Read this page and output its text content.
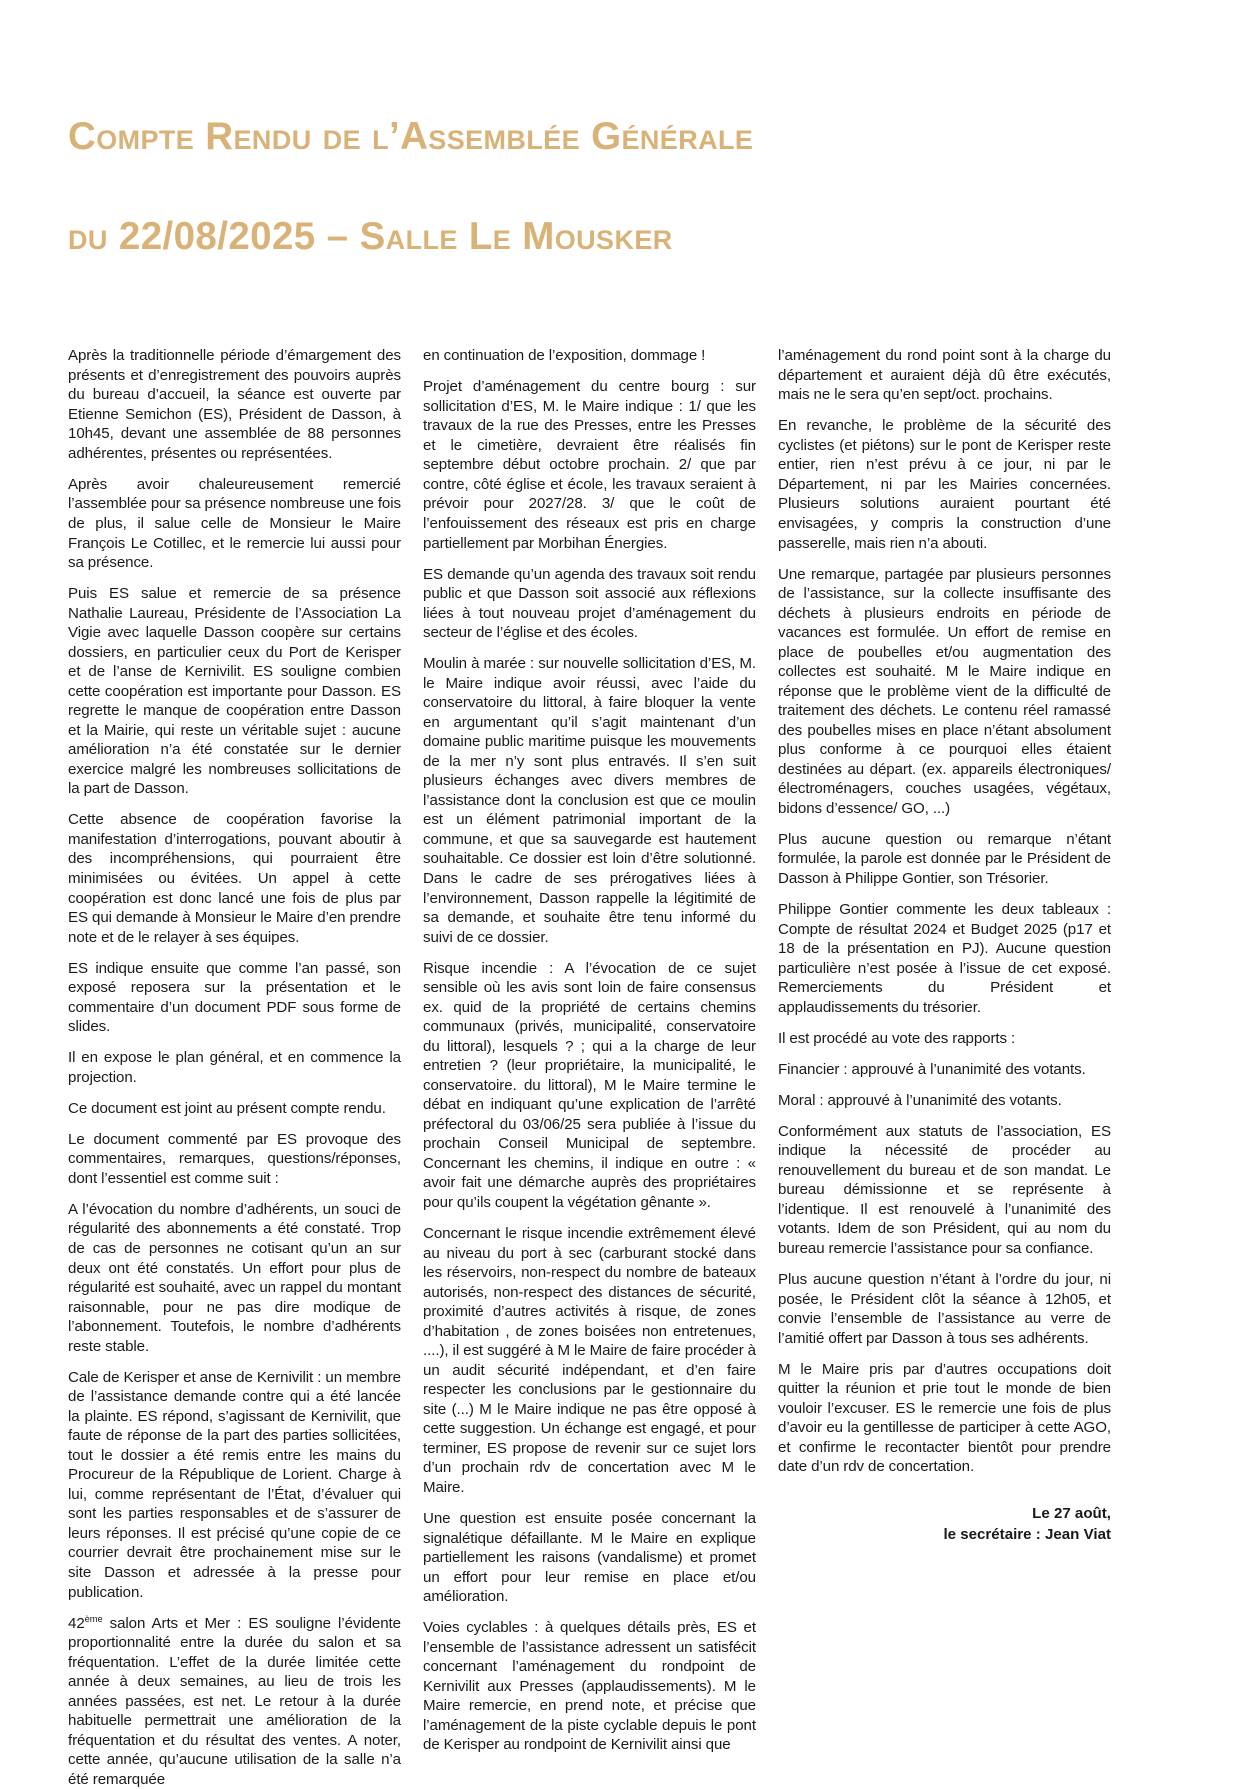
Compte Rendu de l’Assemblée Générale

du 22/08/2025 – Salle Le Mousker

Après la traditionnelle période d’émargement des présents et d’enregistrement des pouvoirs auprès du bureau d’accueil, la séance est ouverte par Etienne Semichon (ES), Président de Dasson, à 10h45, devant une assemblée de 88 personnes adhérentes, présentes ou représentées.

Après avoir chaleureusement remercié l’assemblée pour sa présence nombreuse une fois de plus, il salue celle de Monsieur le Maire François Le Cotillec, et le remercie lui aussi pour sa présence.

Puis ES salue et remercie de sa présence Nathalie Laureau, Présidente de l’Association La Vigie avec laquelle Dasson coopère sur certains dossiers, en particulier ceux du Port de Kerisper et de l’anse de Kernivilit. ES souligne combien cette coopération est importante pour Dasson. ES regrette le manque de coopération entre Dasson et la Mairie, qui reste un véritable sujet : aucune amélioration n’a été constatée sur le dernier exercice malgré les nombreuses sollicitations de la part de Dasson.

Cette absence de coopération favorise la manifestation d’interrogations, pouvant aboutir à des incompréhensions, qui pourraient être minimisées ou évitées. Un appel à cette coopération est donc lancé une fois de plus par ES qui demande à Monsieur le Maire d’en prendre note et de le relayer à ses équipes.

ES indique ensuite que comme l’an passé, son exposé reposera sur la présentation et le commentaire d’un document PDF sous forme de slides.

Il en expose le plan général, et en commence la projection.

Ce document est joint au présent compte rendu.

Le document commenté par ES provoque des commentaires, remarques, questions/réponses, dont l’essentiel est comme suit :

A l’évocation du nombre d’adhérents, un souci de régularité des abonnements a été constaté. Trop de cas de personnes ne cotisant qu’un an sur deux ont été constatés. Un effort pour plus de régularité est souhaité, avec un rappel du montant raisonnable, pour ne pas dire modique de l’abonnement. Toutefois, le nombre d’adhérents reste stable.

Cale de Kerisper et anse de Kernivilit : un membre de l’assistance demande contre qui a été lancée la plainte. ES répond, s’agissant de Kernivilit, que faute de réponse de la part des parties sollicitées, tout le dossier a été remis entre les mains du Procureur de la République de Lorient. Charge à lui, comme représentant de l’État, d’évaluer qui sont les parties responsables et de s’assurer de leurs réponses. Il est précisé qu’une copie de ce courrier devrait être prochainement mise sur le site Dasson et adressée à la presse pour publication.

42ème salon Arts et Mer : ES souligne l’évidente proportionnalité entre la durée du salon et sa fréquentation. L’effet de la durée limitée cette année à deux semaines, au lieu de trois les années passées, est net. Le retour à la durée habituelle permettrait une amélioration de la fréquentation et du résultat des ventes. A noter, cette année, qu’aucune utilisation de la salle n’a été remarquée

en continuation de l’exposition, dommage !

Projet d’aménagement du centre bourg : sur sollicitation d’ES, M. le Maire indique : 1/ que les travaux de la rue des Presses, entre les Presses et le cimetière, devraient être réalisés fin septembre début octobre prochain. 2/ que par contre, côté église et école, les travaux seraient à prévoir pour 2027/28. 3/ que le coût de l’enfouissement des réseaux est pris en charge partiellement par Morbihan Énergies.

ES demande qu’un agenda des travaux soit rendu public et que Dasson soit associé aux réflexions liées à tout nouveau projet d’aménagement du secteur de l’église et des écoles.

Moulin à marée : sur nouvelle sollicitation d’ES, M. le Maire indique avoir réussi, avec l’aide du conservatoire du littoral, à faire bloquer la vente en argumentant qu’il s’agit maintenant d’un domaine public maritime puisque les mouvements de la mer n’y sont plus entravés. Il s’en suit plusieurs échanges avec divers membres de l’assistance dont la conclusion est que ce moulin est un élément patrimonial important de la commune, et que sa sauvegarde est hautement souhaitable. Ce dossier est loin d’être solutionné. Dans le cadre de ses prérogatives liées à l’environnement, Dasson rappelle la légitimité de sa demande, et souhaite être tenu informé du suivi de ce dossier.

Risque incendie : A l’évocation de ce sujet sensible où les avis sont loin de faire consensus ex. quid de la propriété de certains chemins communaux (privés, municipalité, conservatoire du littoral), lesquels ? ; qui a la charge de leur entretien ? (leur propriétaire, la municipalité, le conservatoire. du littoral), M le Maire termine le débat en indiquant qu’une explication de l’arrêté préfectoral du 03/06/25 sera publiée à l’issue du prochain Conseil Municipal de septembre. Concernant les chemins, il indique en outre : « avoir fait une démarche auprès des propriétaires pour qu’ils coupent la végétation gênante ».

Concernant le risque incendie extrêmement élevé au niveau du port à sec (carburant stocké dans les réservoirs, non-respect du nombre de bateaux autorisés, non-respect des distances de sécurité, proximité d’autres activités à risque, de zones d’habitation , de zones boisées non entretenues, ....), il est suggéré à M le Maire de faire procéder à un audit sécurité indépendant, et d’en faire respecter les conclusions par le gestionnaire du site (...) M le Maire indique ne pas être opposé à cette suggestion. Un échange est engagé, et pour terminer, ES propose de revenir sur ce sujet lors d’un prochain rdv de concertation avec M le Maire.

Une question est ensuite posée concernant la signalétique défaillante. M le Maire en explique partiellement les raisons (vandalisme) et promet un effort pour leur remise en place et/ou amélioration.

Voies cyclables : à quelques détails près, ES et l’ensemble de l’assistance adressent un satisfécit concernant l’aménagement du rondpoint de Kernivilit aux Presses (applaudissements). M le Maire remercie, en prend note, et précise que l’aménagement de la piste cyclable depuis le pont de Kerisper au rondpoint de Kernivilit ainsi que

l’aménagement du rond point sont à la charge du département et auraient déjà dû être exécutés, mais ne le sera qu’en sept/oct. prochains.

En revanche, le problème de la sécurité des cyclistes (et piétons) sur le pont de Kerisper reste entier, rien n’est prévu à ce jour, ni par le Département, ni par les Mairies concernées. Plusieurs solutions auraient pourtant été envisagées, y compris la construction d’une passerelle, mais rien n’a abouti.

Une remarque, partagée par plusieurs personnes de l’assistance, sur la collecte insuffisante des déchets à plusieurs endroits en période de vacances est formulée. Un effort de remise en place de poubelles et/ou augmentation des collectes est souhaité. M le Maire indique en réponse que le problème vient de la difficulté de traitement des déchets. Le contenu réel ramassé des poubelles mises en place n’étant absolument plus conforme à ce pourquoi elles étaient destinées au départ. (ex. appareils électroniques/électroménagers, couches usagées, végétaux, bidons d’essence/ GO, ...)

Plus aucune question ou remarque n’étant formulée, la parole est donnée par le Président de Dasson à Philippe Gontier, son Trésorier.

Philippe Gontier commente les deux tableaux : Compte de résultat 2024 et Budget 2025 (p17 et 18 de la présentation en PJ). Aucune question particulière n’est posée à l’issue de cet exposé. Remerciements du Président et applaudissements du trésorier.

Il est procédé au vote des rapports :

Financier : approuvé à l’unanimité des votants.

Moral : approuvé à l’unanimité des votants.

Conformément aux statuts de l’association, ES indique la nécessité de procéder au renouvellement du bureau et de son mandat. Le bureau démissionne et se représente à l’identique. Il est renouvelé à l’unanimité des votants. Idem de son Président, qui au nom du bureau remercie l’assistance pour sa confiance.

Plus aucune question n’étant à l’ordre du jour, ni posée, le Président clôt la séance à 12h05, et convie l’ensemble de l’assistance au verre de l’amitié offert par Dasson à tous ses adhérents.

M le Maire pris par d’autres occupations doit quitter la réunion et prie tout le monde de bien vouloir l’excuser. ES le remercie une fois de plus d’avoir eu la gentillesse de participer à cette AGO, et confirme le recontacter bientôt pour prendre date d’un rdv de concertation.

Le 27 août,
le secrétaire : Jean Viat
